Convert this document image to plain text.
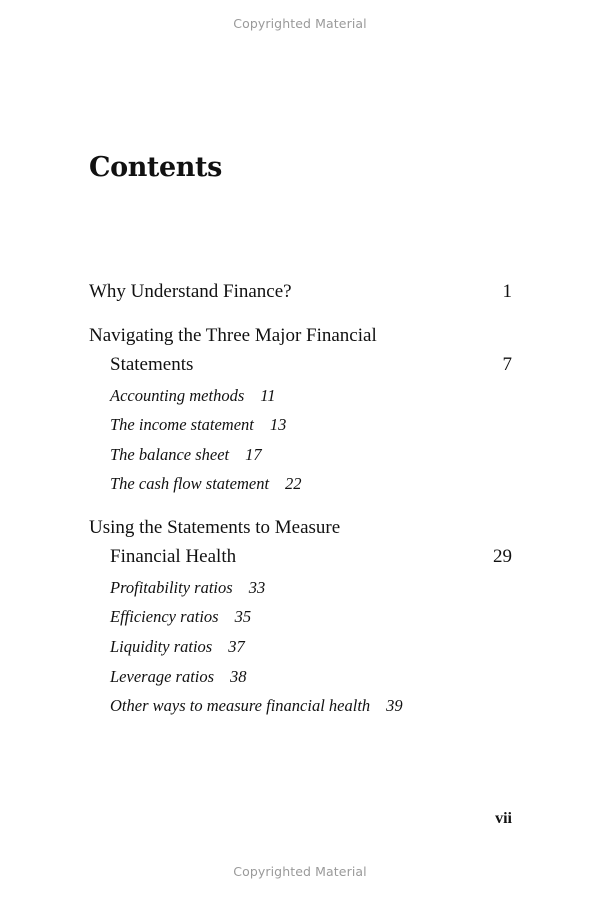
Copyrighted Material
Contents
Why Understand Finance?	1
Navigating the Three Major Financial
Statements	7
Accounting methods 11
The income statement 13
The balance sheet 17
The cash flow statement 22
Using the Statements to Measure
Financial Health	29
Profitability ratios 33
Efficiency ratios 35
Liquidity ratios 37
Leverage ratios 38
Other ways to measure financial health 39
vii
Copyrighted Material
